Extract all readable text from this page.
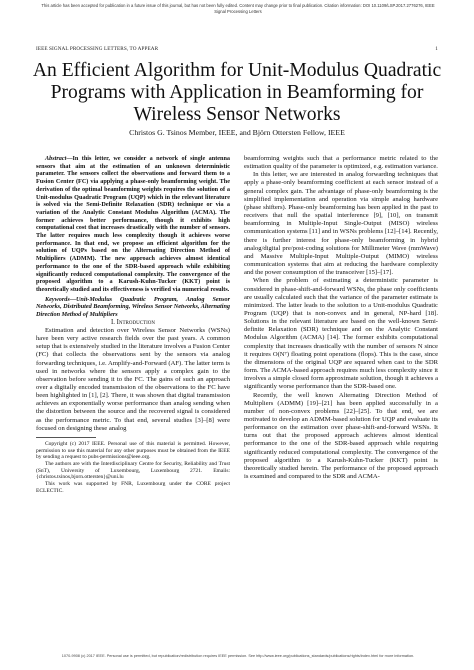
This article has been accepted for publication in a future issue of this journal, but has not been fully edited. Content may change prior to final publication. Citation information: DOI 10.1109/LSP.2017.2776276, IEEE
Signal Processing Letters
IEEE SIGNAL PROCESSING LETTERS, TO APPEAR	1
An Efficient Algorithm for Unit-Modulus Quadratic
Programs with Application in Beamforming for
Wireless Sensor Networks
Christos G. Tsinos Member, IEEE, and Björn Ottersten Fellow, IEEE

Abstract—In this letter, we consider a network of single antenna sensors that aim at the estimation of an unknown deterministic parameter. The sensors collect the observations and forward them to a Fusion Center (FC) via applying a phase-only beamforming weight. The derivation of the optimal beamforming weights requires the solution of a Unit-modulus Quadratic Program (UQP) which in the relevant literature is solved via the Semi-Definite Relaxation (SDR) technique or via a variation of the Analytic Constant Modulus Algorithm (ACMA). The former achieves better performance, though it exhibits high computational cost that increases drastically with the number of sensors. The latter requires much less complexity though it achieves worse performance. In that end, we propose an efficient algorithm for the solution of UQPs based on the Alternating Direction Method of Multipliers (ADMM). The new approach achieves almost identical performance to the one of the SDR-based approach while exhibiting significantly reduced computational complexity. The convergence of the proposed algorithm to a Karush-Kuhn-Tucker (KKT) point is theoretically studied and its effectiveness is verified via numerical results.

Keywords—Unit-Modulus Quadratic Program, Analog Sensor Networks, Distributed Beamforming, Wireless Sensor Networks, Alternating Direction Method of Multipliers

I. Introduction

Estimation and detection over Wireless Sensor Networks (WSNs) have been very active research fields over the past years. A common setup that is extensively studied in the literature involves a Fusion Center (FC) that collects the observations sent by the sensors via analog forwarding techniques, i.e. Amplify-and-Forward (AF). The latter term is used in networks where the sensors apply a complex gain to the observation before sending it to the FC. The gains of such an approach over a digitally encoded transmission of the observations to the FC have been highlighted in [1], [2]. There, it was shown that digital transmission achieves an exponentially worse performance than analog sending when the distortion between the source and the recovered signal is considered as the performance metric. To that end, several studies [3]–[8] were focused on designing these analog

Copyright (c) 2017 IEEE. Personal use of this material is permitted. However, permission to use this material for any other purposes must be obtained from the IEEE by sending a request to pubs-permissions@ieee.org.

The authors are with the Interdisciplinary Centre for Security, Reliability and Trust (SnT), University of Luxembourg, Luxembourg 2721. Emails: {christos.tsinos,bjorn.ottersten}@uni.lu

This work was supported by FNR, Luxembourg under the CORE project ECLECTIC.

beamforming weights such that a performance metric related to the estimation quality of the parameter is optimized, e.g. estimation variance.

In this letter, we are interested in analog forwarding techniques that apply a phase-only beamforming coefficient at each sensor instead of a general complex gain. The advantage of phase-only beamforming is the simplified implementation and operation via simple analog hardware (phase shifters). Phase-only beamforming has been applied in the past to receivers that null the spatial interference [9], [10], on transmit beamforming in Multiple-Input Single-Output (MISO) wireless communication systems [11] and in WSNs problems [12]–[14]. Recently, there is further interest for phase-only beamforming in hybrid analog/digital pre/post-coding solutions for Millimeter Wave (mmWave) and Massive Multiple-Input Multiple-Output (MIMO) wireless communication systems that aim at reducing the hardware complexity and the power consumption of the transceiver [15]–[17].

When the problem of estimating a deterministic parameter is considered in phase-shift-and-forward WSNs, the phase only coefficients are usually calculated such that the variance of the parameter estimate is minimized. The latter leads to the solution to a Unit-modulus Quadratic Program (UQP) that is non-convex and in general, NP-hard [18]. Solutions in the relevant literature are based on the well-known Semi-definite Relaxation (SDR) technique and on the Analytic Constant Modulus Algorithm (ACMA) [14]. The former exhibits computational complexity that increases drastically with the number of sensors N since it requires O(N⁷) floating point operations (flops). This is the case, since the dimensions of the original UQP are squared when cast to the SDR form. The ACMA-based approach requires much less complexity since it involves a simple closed form approximate solution, though it achieves a significantly worse performance than the SDR-based one.

Recently, the well known Alternating Direction Method of Multipliers (ADMM) [19]–[21] has been applied successfully in a number of non-convex problems [22]–[25]. To that end, we are motivated to develop an ADMM-based solution for UQP and evaluate its performance on the estimation over phase-shift-and-forward WSNs. It turns out that the proposed approach achieves almost identical performance to the one of the SDR-based approach while requiring significantly reduced computational complexity. The convergence of the proposed algorithm to a Karush-Kuhn-Tucker (KKT) point is theoretically studied herein. The performance of the proposed approach is examined and compared to the SDR and ACMA-

1070-9908 (c) 2017 IEEE. Personal use is permitted, but republication/redistribution requires IEEE permission. See http://www.ieee.org/publications_standards/publications/rights/index.html for more information.
